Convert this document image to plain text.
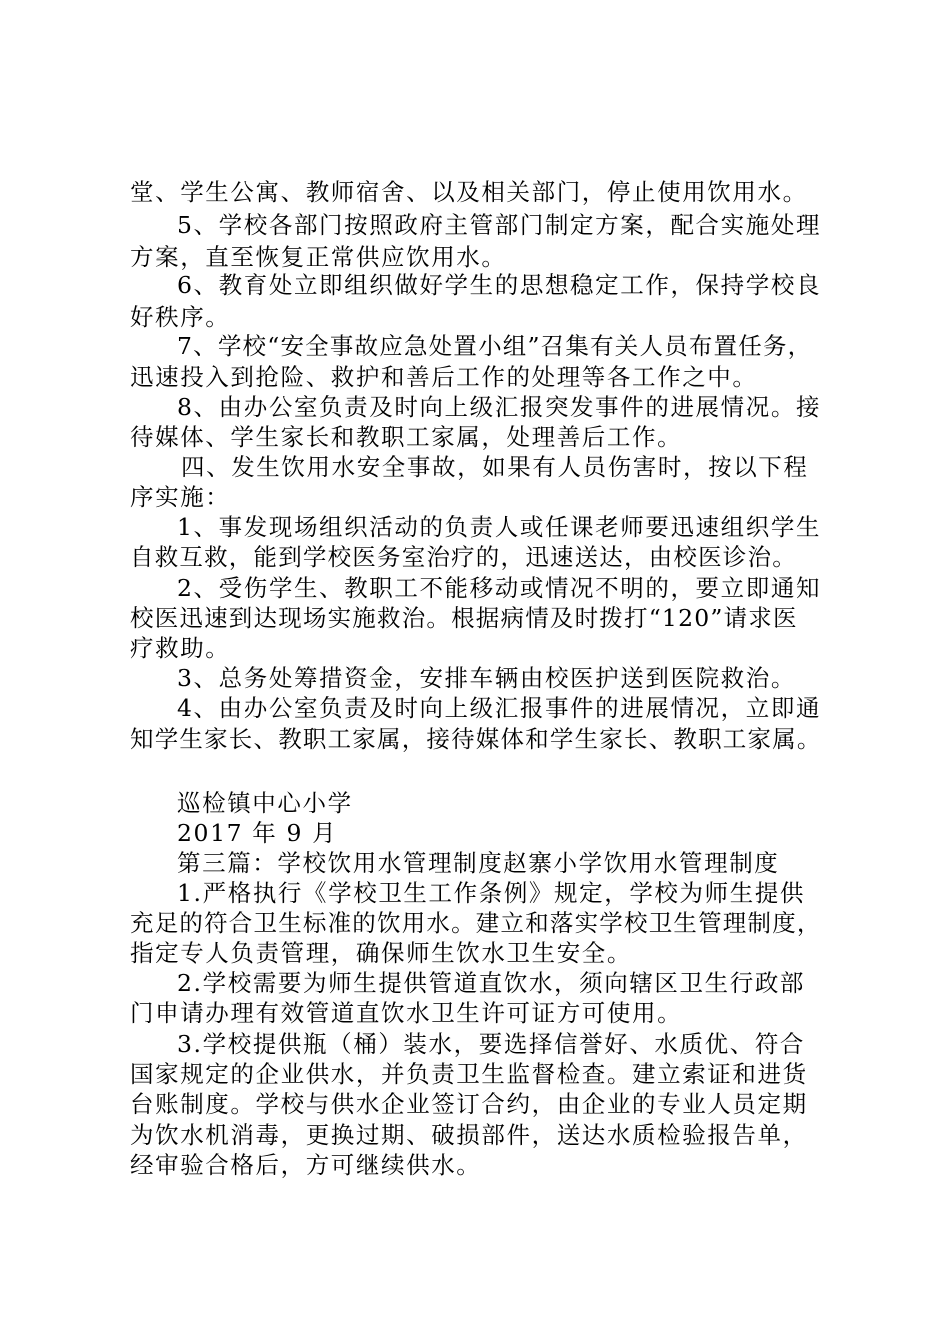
堂、学生公寓、教师宿舍、以及相关部门，停止使用饮用水。
5、学校各部门按照政府主管部门制定方案，配合实施处理
方案，直至恢复正常供应饮用水。
6、教育处立即组织做好学生的思想稳定工作，保持学校良
好秩序。
7、学校“安全事故应急处置小组”召集有关人员布置任务，
迅速投入到抢险、救护和善后工作的处理等各工作之中。
8、由办公室负责及时向上级汇报突发事件的进展情况。接
待媒体、学生家长和教职工家属，处理善后工作。
四、发生饮用水安全事故，如果有人员伤害时，按以下程
序实施：
1、事发现场组织活动的负责人或任课老师要迅速组织学生
自救互救，能到学校医务室治疗的，迅速送达，由校医诊治。
2、受伤学生、教职工不能移动或情况不明的，要立即通知
校医迅速到达现场实施救治。根据病情及时拨打“120”请求医
疗救助。
3、总务处筹措资金，安排车辆由校医护送到医院救治。
4、由办公室负责及时向上级汇报事件的进展情况，立即通
知学生家长、教职工家属，接待媒体和学生家长、教职工家属。
巡检镇中心小学
2017 年 9 月
第三篇：学校饮用水管理制度赵寨小学饮用水管理制度
1.严格执行《学校卫生工作条例》规定，学校为师生提供
充足的符合卫生标准的饮用水。建立和落实学校卫生管理制度，
指定专人负责管理，确保师生饮水卫生安全。
2.学校需要为师生提供管道直饮水，须向辖区卫生行政部
门申请办理有效管道直饮水卫生许可证方可使用。
3.学校提供瓶（桶）装水，要选择信誉好、水质优、符合
国家规定的企业供水，并负责卫生监督检查。建立索证和进货
台账制度。学校与供水企业签订合约，由企业的专业人员定期
为饮水机消毒，更换过期、破损部件，送达水质检验报告单，
经审验合格后，方可继续供水。
